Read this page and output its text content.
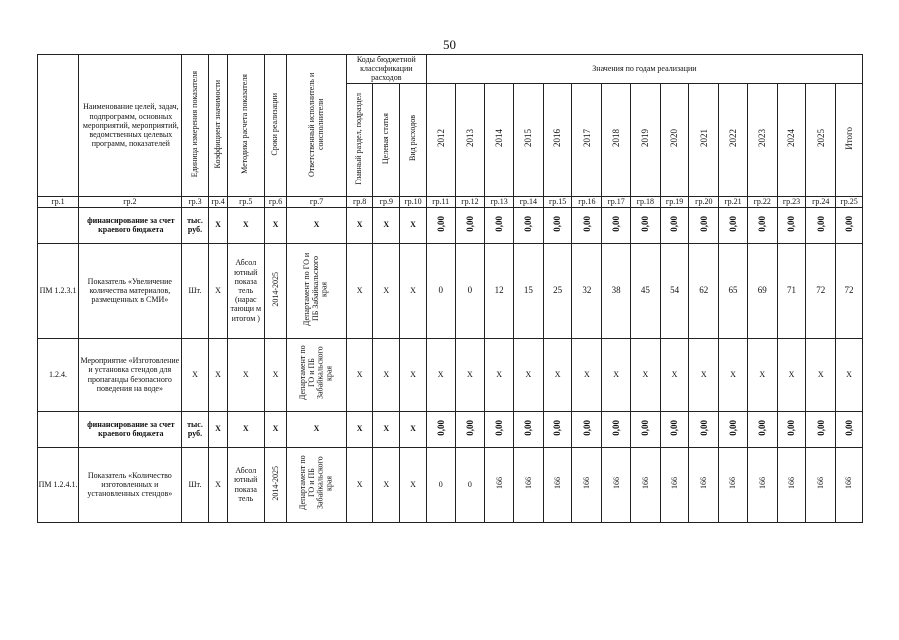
50
	Наименование целей, задач, подпрограмм, основных мероприятий, мероприятий, ведомственных целевых программ, показателей	Единица измерения показателя	Коэффициент значимости	Методика расчета показателя	Сроки реализации	Ответственный исполнитель и соисполнители	Коды бюджетной классификации расходов			Значения по годам реализации														
							Главный раздел, подраздел	Целевая статья	Вид расходов	2012	2013	2014	2015	2016	2017	2018	2019	2020	2021	2022	2023	2024	2025	Итого
гр.1	гр.2	гр.3	гр.4	гр.5	гр.6	гр.7	гр.8	гр.9	гр.10	гр.11	гр.12	гр.13	гр.14	гр.15	гр.16	гр.17	гр.18	гр.19	гр.20	гр.21	гр.22	гр.23	гр.24	гр.25
	финансирование за счет краевого бюджета	тыс. руб.	X	X	X	X	X	X	X	0,00	0,00	0,00	0,00	0,00	0,00	0,00	0,00	0,00	0,00	0,00	0,00	0,00	0,00	0,00
ПМ 1.2.3.1	Показатель «Увеличение количества материалов, размещенных в СМИ»	Шт.	X	Абсол ютный показа тель (нарас тающи м итогом )	2014-2025	Департамент по ГО и ПБ Забайкальского края	X	X	X	0	0	12	15	25	32	38	45	54	62	65	69	71	72	72
1.2.4.	Мероприятие «Изготовление и установка стендов для пропаганды безопасного поведения на воде»	X	X	X	X	Департамент по ГО и ПБ Забайкальского края	X	X	X	X	X	X	X	X	X	X	X	X	X	X	X	X	X	X
	финансирование за счет краевого бюджета	тыс. руб.	X	X	X	X	X	X	X	0,00	0,00	0,00	0,00	0,00	0,00	0,00	0,00	0,00	0,00	0,00	0,00	0,00	0,00	0,00
ПМ 1.2.4.1.	Показатель «Количество изготовленных и установленных стендов»	Шт.	X	Абсол ютный показа тель	2014-2025	Департамент по ГО и ПБ Забайкальского края	X	X	X	0	0	166	166	166	166	166	166	166	166	166	166	166	166	166
